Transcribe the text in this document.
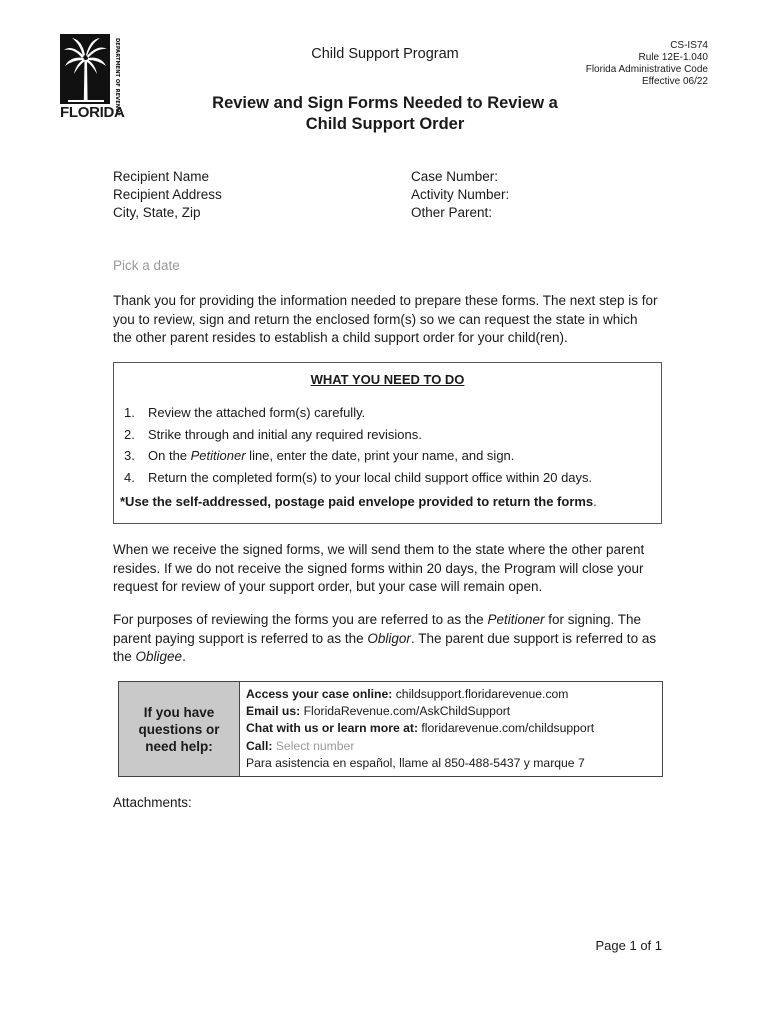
DEPARTMENT OF REVENUE
FLORIDA
Child Support Program
CS-IS74
Rule 12E-1.040
Florida Administrative Code
Effective 06/22
Review and Sign Forms Needed to Review a
Child Support Order
Recipient Name
Recipient Address
City, State, Zip
Case Number:
Activity Number:
Other Parent:
Pick a date
Thank you for providing the information needed to prepare these forms. The next step is for you to review, sign and return the enclosed form(s) so we can request the state in which the other parent resides to establish a child support order for your child(ren).
WHAT YOU NEED TO DO
1. Review the attached form(s) carefully.
2. Strike through and initial any required revisions.
3. On the Petitioner line, enter the date, print your name, and sign.
4. Return the completed form(s) to your local child support office within 20 days.
*Use the self-addressed, postage paid envelope provided to return the forms.
When we receive the signed forms, we will send them to the state where the other parent resides. If we do not receive the signed forms within 20 days, the Program will close your request for review of your support order, but your case will remain open.
For purposes of reviewing the forms you are referred to as the Petitioner for signing. The parent paying support is referred to as the Obligor. The parent due support is referred to as the Obligee.
If you have
questions or
need help:
Access your case online: childsupport.floridarevenue.com
Email us: FloridaRevenue.com/AskChildSupport
Chat with us or learn more at: floridarevenue.com/childsupport
Call: Select number
Para asistencia en español, llame al 850-488-5437 y marque 7
Attachments:
Page 1 of 1
